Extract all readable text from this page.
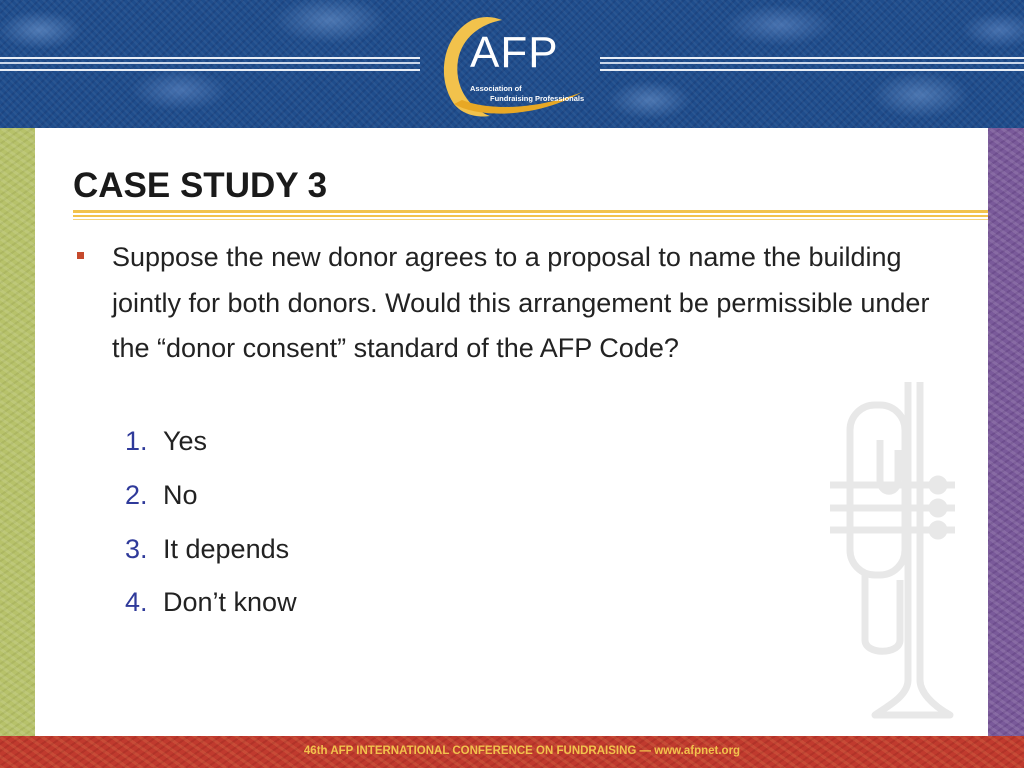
AFP
Association of
Fundraising Professionals
CASE STUDY 3
Suppose the new donor agrees to a proposal to name the building jointly for both donors. Would this arrangement be permissible under the “donor consent” standard of the AFP Code?
1. Yes
2. No
3. It depends
4. Don’t know
46th AFP INTERNATIONAL CONFERENCE ON FUNDRAISING — www.afpnet.org
